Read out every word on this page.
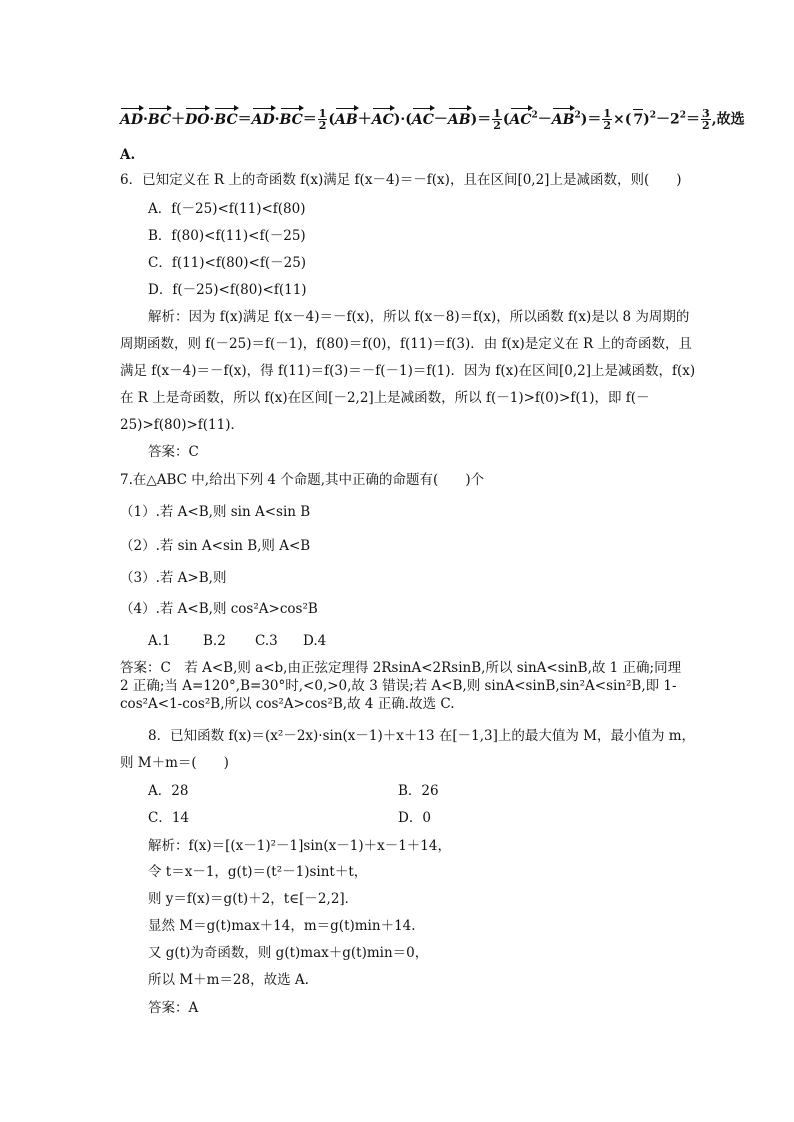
$AD\cdot BC+DO\cdot BC=AD\cdot BC= \frac{1}{2} (AB+AC)\cdot(AC-AB)= \frac{1}{2} (AC^2-AB^2)= \frac{1}{2}$ ×( $7)^2-2^2= \frac{3}{2}$ ,故选
A.
6．已知定义在 R 上的奇函数 f(x)满足 f(x－4)＝－f(x)，且在区间[0,2]上是减函数，则(　　)
A．f(－25)<f(11)<f(80)
B．f(80)<f(11)<f(－25)
C．f(11)<f(80)<f(－25)
D．f(－25)<f(80)<f(11)
解析：因为 f(x)满足 f(x－4)＝－f(x)，所以 f(x－8)＝f(x)，所以函数 f(x)是以 8 为周期的
周期函数，则 f(－25)＝f(－1)，f(80)＝f(0)，f(11)＝f(3)．由 f(x)是定义在 R 上的奇函数，且
满足 f(x－4)＝－f(x)，得 f(11)＝f(3)＝－f(－1)＝f(1)．因为 f(x)在区间[0,2]上是减函数，f(x)
在 R 上是奇函数，所以 f(x)在区间[－2,2]上是减函数，所以 f(－1)>f(0)>f(1)，即 f(－
25)>f(80)>f(11)．
答案：C
7.在△ABC 中,给出下列 4 个命题,其中正确的命题有(　　)个
（1）.若 A<B,则 sin A<sin B
（2）.若 sin A<sin B,则 A<B
（3）.若 A>B,则
（4）.若 A<B,则 cos²A>cos²B
A.1 B.2 C.3 D.4
答案：C　若 A<B,则 a<b,由正弦定理得 2RsinA<2RsinB,所以 sinA<sinB,故 1 正确;同理
2 正确;当 A=120°,B=30°时,<0,>0,故 3 错误;若 A<B,则 sinA<sinB,sin²A<sin²B,即 1-
cos²A<1-cos²B,所以 cos²A>cos²B,故 4 正确.故选 C.
8．已知函数 f(x)＝(x²－2x)·sin(x－1)＋x＋13 在[－1,3]上的最大值为 M，最小值为 m，
则 M＋m＝(　　)
A．28	B．26
C．14	D．0
解析：f(x)＝[(x－1)²－1]sin(x－1)＋x－1＋14，
令 t＝x－1，g(t)＝(t²－1)sint＋t，
则 y＝f(x)＝g(t)＋2，t∈[－2,2]．
显然 M＝g(t)max＋14，m＝g(t)min＋14.
又 g(t)为奇函数，则 g(t)max＋g(t)min＝0，
所以 M＋m＝28，故选 A.
答案：A
